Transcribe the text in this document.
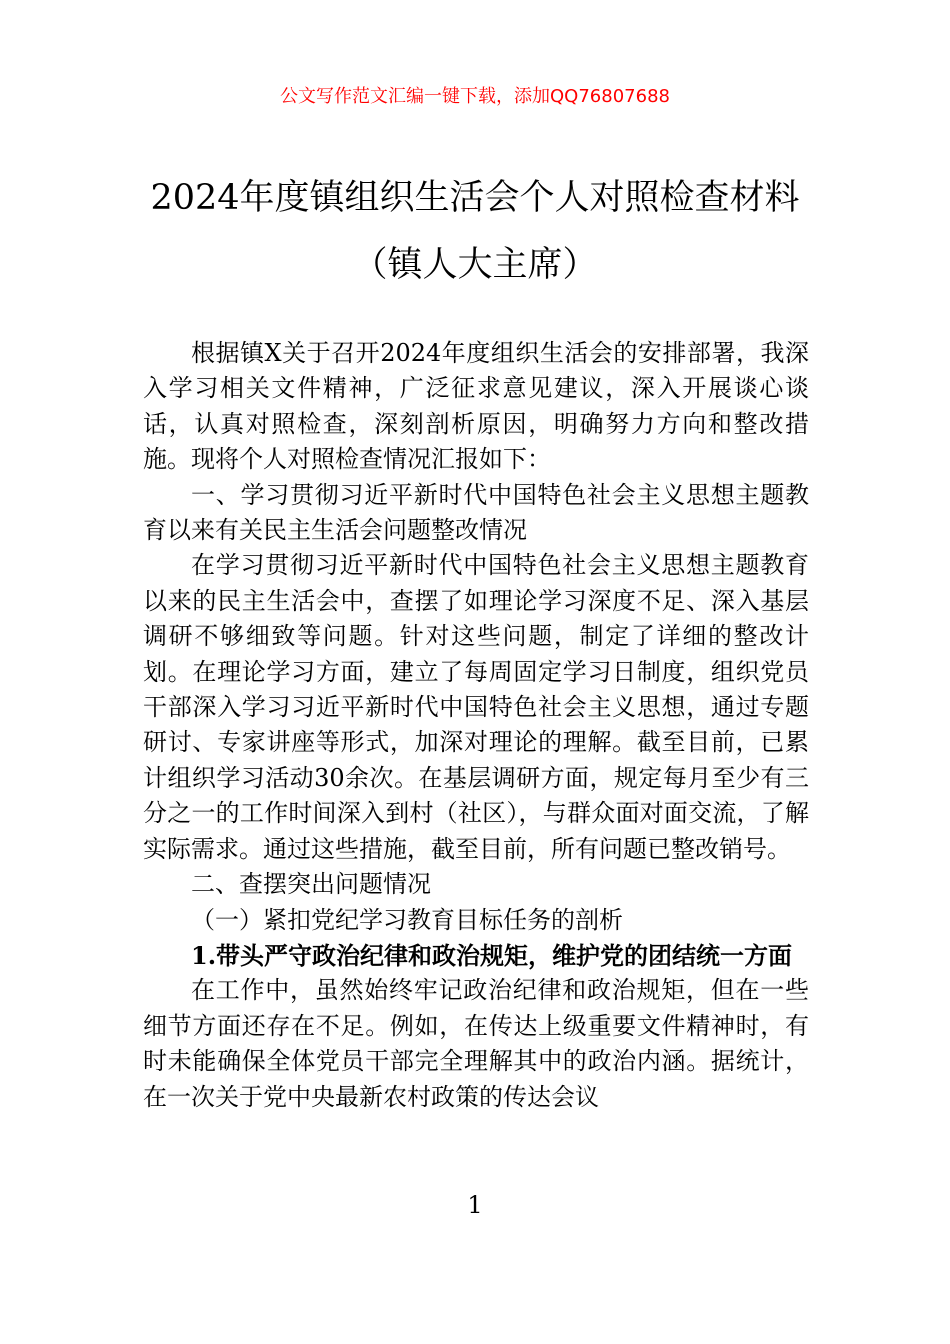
公文写作范文汇编一键下载，添加QQ76807688
2024年度镇组织生活会个人对照检查材料
（镇人大主席）

根据镇X关于召开2024年度组织生活会的安排部署，我深入学习相关文件精神，广泛征求意见建议，深入开展谈心谈话，认真对照检查，深刻剖析原因，明确努力方向和整改措施。现将个人对照检查情况汇报如下：

一、学习贯彻习近平新时代中国特色社会主义思想主题教育以来有关民主生活会问题整改情况

在学习贯彻习近平新时代中国特色社会主义思想主题教育以来的民主生活会中，查摆了如理论学习深度不足、深入基层调研不够细致等问题。针对这些问题，制定了详细的整改计划。在理论学习方面，建立了每周固定学习日制度，组织党员干部深入学习习近平新时代中国特色社会主义思想，通过专题研讨、专家讲座等形式，加深对理论的理解。截至目前，已累计组织学习活动30余次。在基层调研方面，规定每月至少有三分之一的工作时间深入到村（社区），与群众面对面交流，了解实际需求。通过这些措施，截至目前，所有问题已整改销号。

二、查摆突出问题情况

（一）紧扣党纪学习教育目标任务的剖析

1.带头严守政治纪律和政治规矩，维护党的团结统一方面

在工作中，虽然始终牢记政治纪律和政治规矩，但在一些细节方面还存在不足。例如，在传达上级重要文件精神时，有时未能确保全体党员干部完全理解其中的政治内涵。据统计，在一次关于党中央最新农村政策的传达会议

1
